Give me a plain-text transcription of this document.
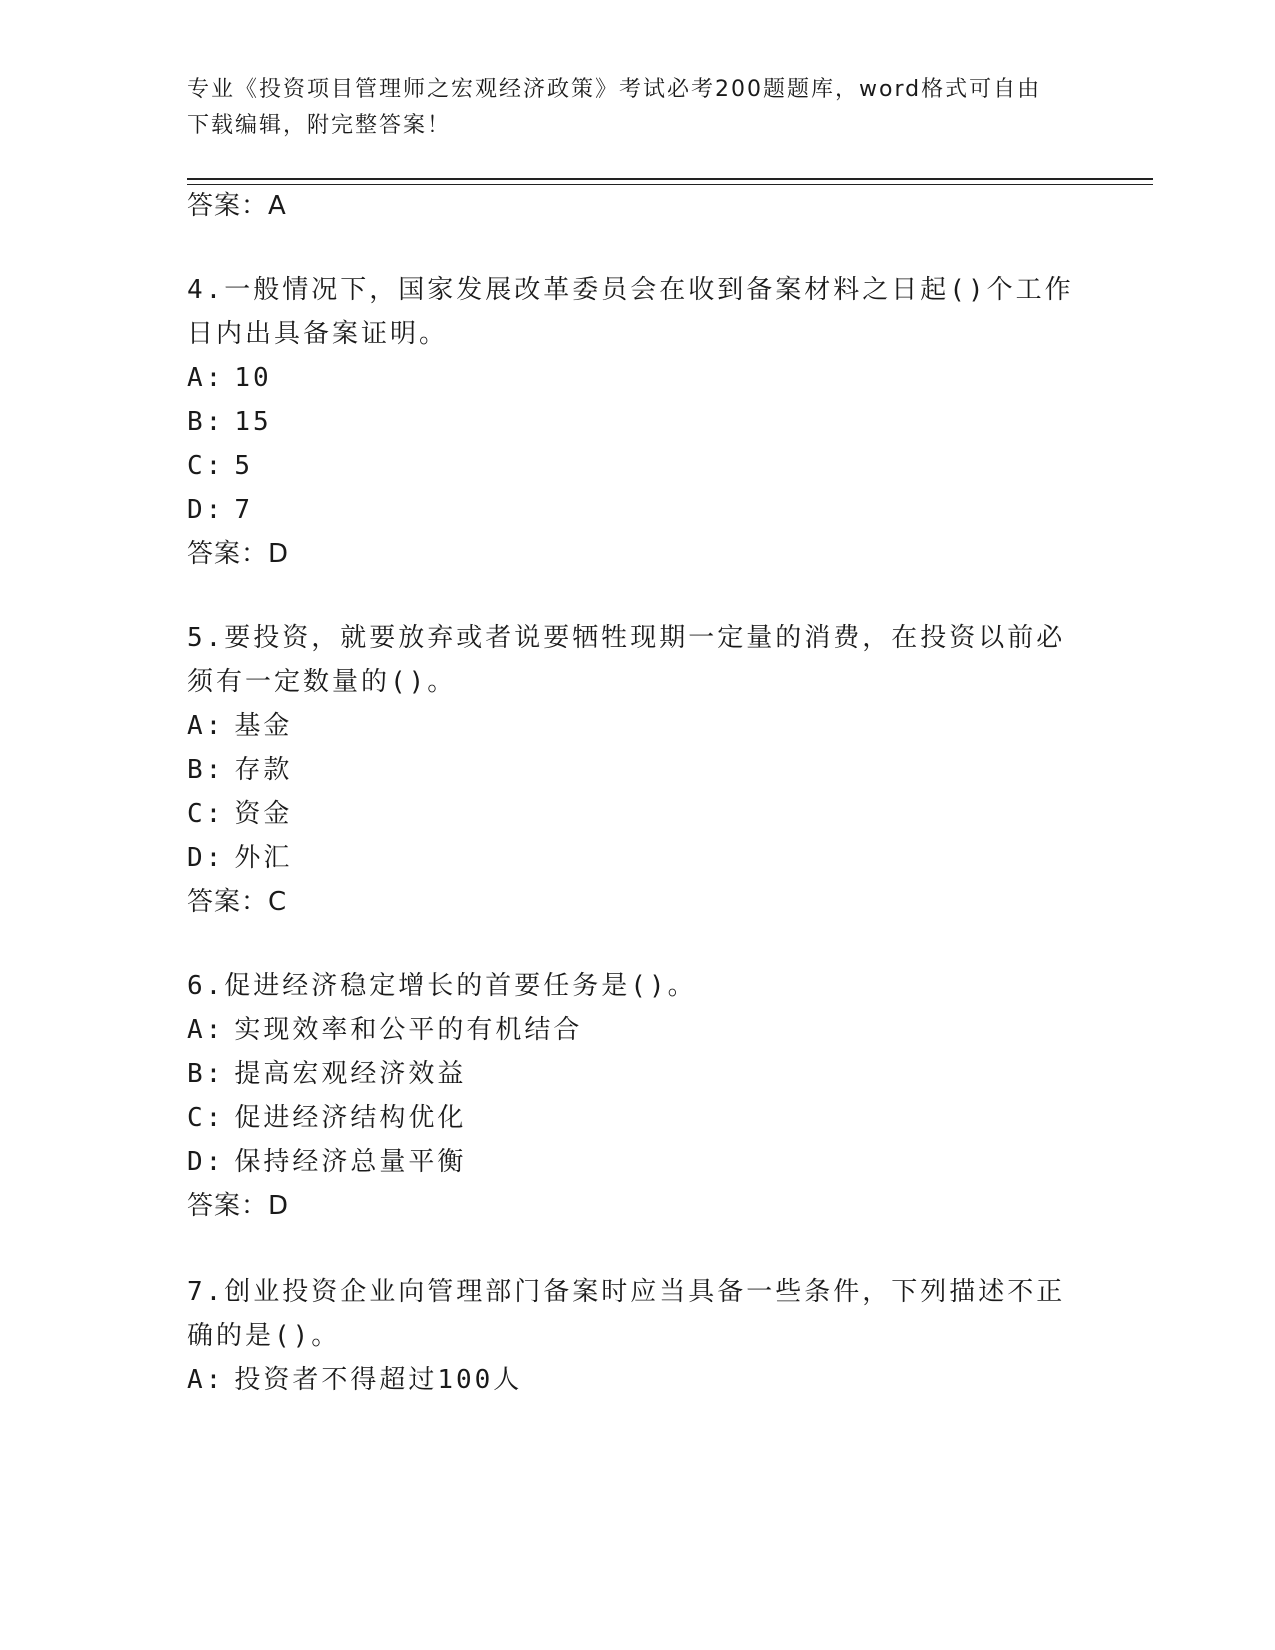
专业《投资项目管理师之宏观经济政策》考试必考200题题库，word格式可自由
下载编辑，附完整答案！
答案：A
4.一般情况下，国家发展改革委员会在收到备案材料之日起()个工作
日内出具备案证明。
A: 10
B: 15
C: 5
D: 7
答案：D
5.要投资，就要放弃或者说要牺牲现期一定量的消费，在投资以前必
须有一定数量的()。
A: 基金
B: 存款
C: 资金
D: 外汇
答案：C
6.促进经济稳定增长的首要任务是()。
A: 实现效率和公平的有机结合
B: 提高宏观经济效益
C: 促进经济结构优化
D: 保持经济总量平衡
答案：D
7.创业投资企业向管理部门备案时应当具备一些条件，下列描述不正
确的是()。
A: 投资者不得超过100人
